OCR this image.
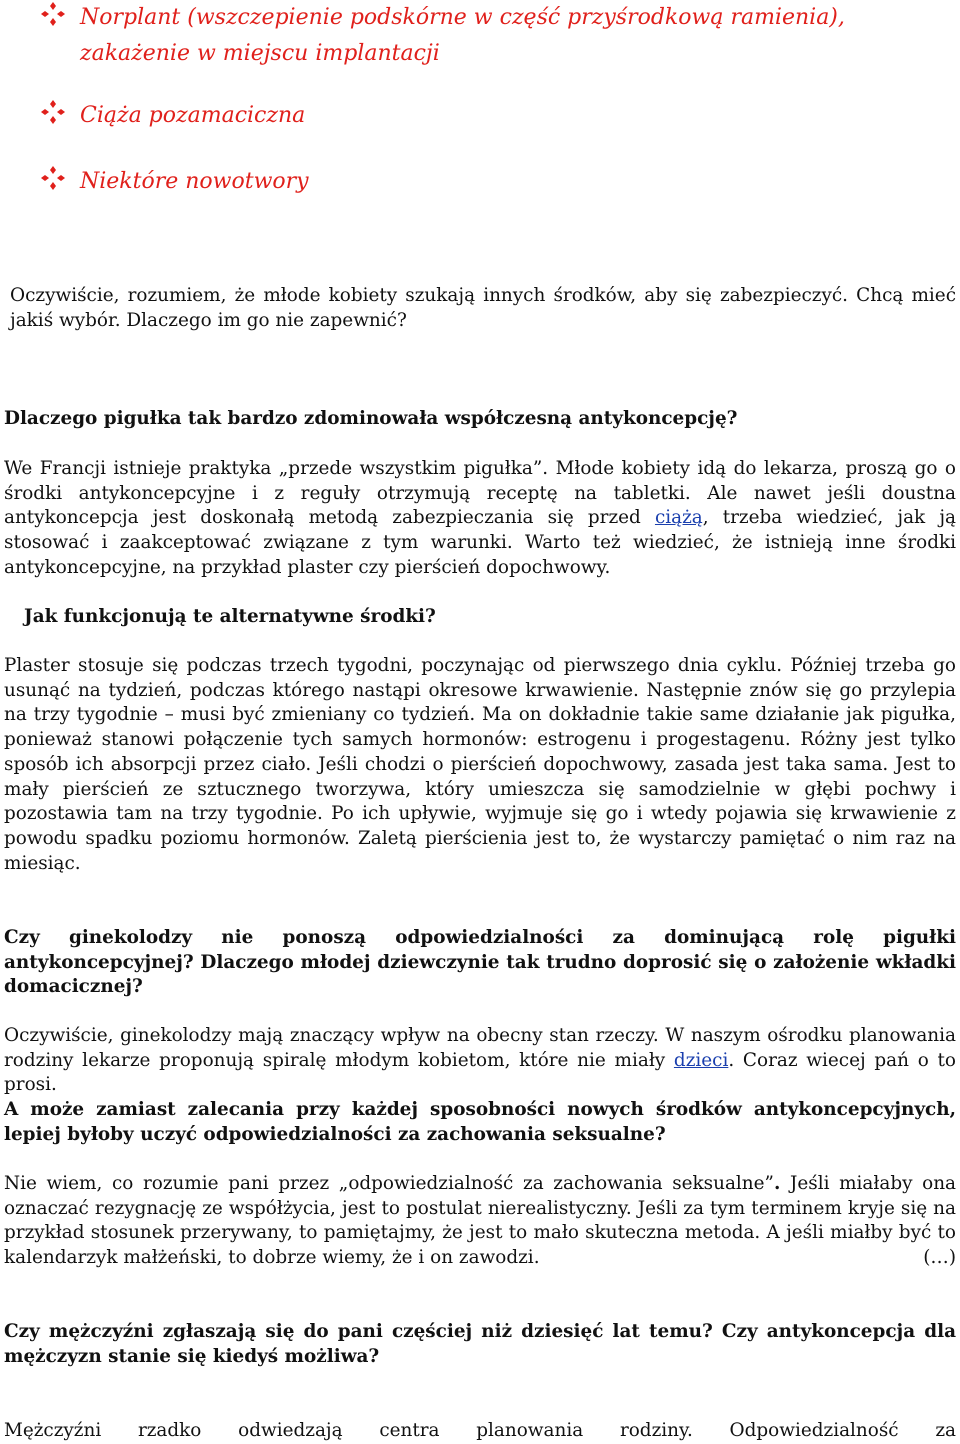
Norplant (wszczepienie podskórne w część przyśrodkową ramienia), zakażenie w miejscu implantacji
Ciąża pozamaciczna
Niektóre nowotwory
Oczywiście, rozumiem, że młode kobiety szukają innych środków, aby się zabezpieczyć. Chcą mieć jakiś wybór. Dlaczego im go nie zapewnić?
Dlaczego pigułka tak bardzo zdominowała współczesną antykoncepcję?
We Francji istnieje praktyka „przede wszystkim pigułka”. Młode kobiety idą do lekarza, proszą go o środki antykoncepcyjne i z reguły otrzymują receptę na tabletki. Ale nawet jeśli doustna antykoncepcja jest doskonałą metodą zabezpieczania się przed ciążą, trzeba wiedzieć, jak ją stosować i zaakceptować związane z tym warunki. Warto też wiedzieć, że istnieją inne środki antykoncepcyjne, na przykład plaster czy pierścień dopochwowy.
Jak funkcjonują te alternatywne środki?
Plaster stosuje się podczas trzech tygodni, poczynając od pierwszego dnia cyklu. Później trzeba go usunąć na tydzień, podczas którego nastąpi okresowe krwawienie. Następnie znów się go przylepia na trzy tygodnie – musi być zmieniany co tydzień. Ma on dokładnie takie same działanie jak pigułka, ponieważ stanowi połączenie tych samych hormonów: estrogenu i progestagenu. Różny jest tylko sposób ich absorpcji przez ciało. Jeśli chodzi o pierścień dopochwowy, zasada jest taka sama. Jest to mały pierścień ze sztucznego tworzywa, który umieszcza się samodzielnie w głębi pochwy i pozostawia tam na trzy tygodnie. Po ich upływie, wyjmuje się go i wtedy pojawia się krwawienie z powodu spadku poziomu hormonów. Zaletą pierścienia jest to, że wystarczy pamiętać o nim raz na miesiąc.
Czy ginekolodzy nie ponoszą odpowiedzialności za dominującą rolę pigułki antykoncepcyjnej? Dlaczego młodej dziewczynie tak trudno doprosić się o założenie wkładki domacicznej?
Oczywiście, ginekolodzy mają znaczący wpływ na obecny stan rzeczy. W naszym ośrodku planowania rodziny lekarze proponują spiralę młodym kobietom, które nie miały dzieci. Coraz wiecej pań o to prosi.
A może zamiast zalecania przy każdej sposobności nowych środków antykoncepcyjnych, lepiej byłoby uczyć odpowiedzialności za zachowania seksualne?
Nie wiem, co rozumie pani przez „odpowiedzialność za zachowania seksualne”. Jeśli miałaby ona oznaczać rezygnację ze współżycia, jest to postulat nierealistyczny. Jeśli za tym terminem kryje się na przykład stosunek przerywany, to pamiętajmy, że jest to mało skuteczna metoda. A jeśli miałby być to kalendarzyk małżeński, to dobrze wiemy, że i on zawodzi.	(…)
Czy mężczyźni zgłaszają się do pani częściej niż dziesięć lat temu? Czy antykoncepcja dla mężczyzn stanie się kiedyś możliwa?
Mężczyźni rzadko odwiedzają centra planowania rodziny. Odpowiedzialność za
